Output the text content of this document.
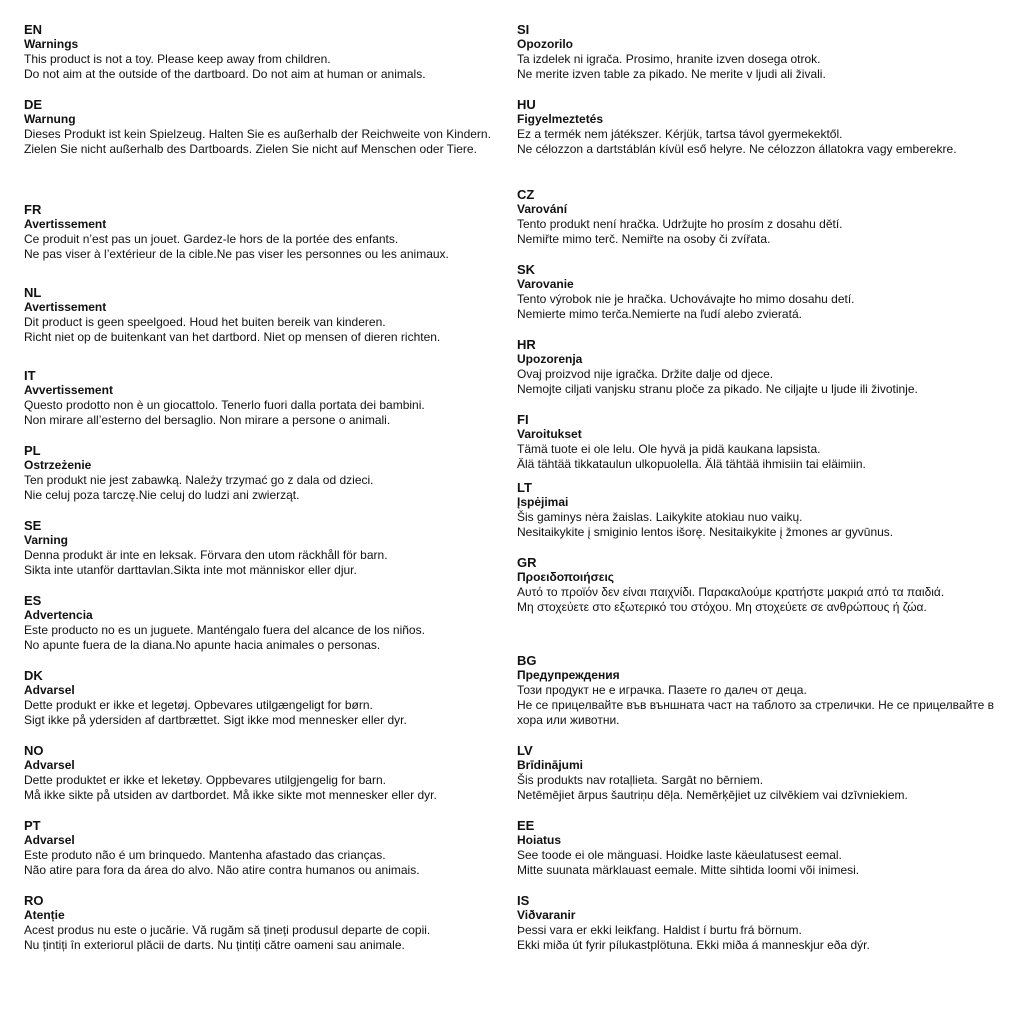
EN
Warnings

This product is not a toy. Please keep away from children.

Do not aim at the outside of the dartboard. Do not aim at human or animals.

DE
Warnung

Dieses Produkt ist kein Spielzeug. Halten Sie es außerhalb der Reichweite von Kindern.

Zielen Sie nicht außerhalb des Dartboards. Zielen Sie nicht auf Menschen oder Tiere.

FR
Avertissement

Ce produit n’est pas un jouet. Gardez-le hors de la portée des enfants.

Ne pas viser à l’extérieur de la cible.Ne pas viser les personnes ou les animaux.

NL
Avertissement

Dit product is geen speelgoed. Houd het buiten bereik van kinderen.

Richt niet op de buitenkant van het dartbord. Niet op mensen of dieren richten.

IT
Avvertissement

Questo prodotto non è un giocattolo. Tenerlo fuori dalla portata dei bambini.

Non mirare all’esterno del bersaglio. Non mirare a persone o animali.

PL
Ostrzeżenie

Ten produkt nie jest zabawką. Należy trzymać go z dala od dzieci.

Nie celuj poza tarczę.Nie celuj do ludzi ani zwierząt.

SE
Varning

Denna produkt är inte en leksak. Förvara den utom räckhåll för barn.

Sikta inte utanför darttavlan.Sikta inte mot människor eller djur.

ES
Advertencia

Este producto no es un juguete. Manténgalo fuera del alcance de los niños.

No apunte fuera de la diana.No apunte hacia animales o personas.

DK
Advarsel

Dette produkt er ikke et legetøj. Opbevares utilgængeligt for børn.

Sigt ikke på ydersiden af dartbrættet. Sigt ikke mod mennesker eller dyr.

NO
Advarsel

Dette produktet er ikke et leketøy. Oppbevares utilgjengelig for barn.

Må ikke sikte på utsiden av dartbordet. Må ikke sikte mot mennesker eller dyr.

PT
Advarsel

Este produto não é um brinquedo. Mantenha afastado das crianças.

Não atire para fora da área do alvo. Não atire contra humanos ou animais.

RO
Atenție

Acest produs nu este o jucărie. Vă rugăm să țineți produsul departe de copii.

Nu țintiți în exteriorul plăcii de darts. Nu țintiți către oameni sau animale.

SI
Opozorilo

Ta izdelek ni igrača. Prosimo, hranite izven dosega otrok.

Ne merite izven table za pikado. Ne merite v ljudi ali živali.

HU
Figyelmeztetés

Ez a termék nem játékszer. Kérjük, tartsa távol gyermekektől.

Ne célozzon a dartstáblán kívül eső helyre. Ne célozzon állatokra vagy emberekre.

CZ
Varování

Tento produkt není hračka. Udržujte ho prosím z dosahu dětí.

Nemiřte mimo terč. Nemiřte na osoby či zvířata.

SK
Varovanie

Tento výrobok nie je hračka. Uchovávajte ho mimo dosahu detí.

Nemierte mimo terča.Nemierte na ľudí alebo zvieratá.

HR
Upozorenja

Ovaj proizvod nije igračka. Držite dalje od djece.

Nemojte ciljati vanjsku stranu ploče za pikado. Ne ciljajte u ljude ili životinje.

FI
Varoitukset

Tämä tuote ei ole lelu. Ole hyvä ja pidä kaukana lapsista.

Älä tähtää tikkataulun ulkopuolella. Älä tähtää ihmisiin tai eläimiin.

LT
Įspėjimai

Šis gaminys nėra žaislas. Laikykite atokiau nuo vaikų.

Nesitaikykite į smiginio lentos išorę. Nesitaikykite į žmones ar gyvūnus.

GR
Προειδοποιήσεις

Αυτό το προϊόν δεν είναι παιχνίδι. Παρακαλούμε κρατήστε μακριά από τα παιδιά.

Μη στοχεύετε στο εξωτερικό του στόχου. Μη στοχεύετε σε ανθρώπους ή ζώα.

BG
Предупреждения

Този продукт не е играчка. Пазете го далеч от деца.

Не се прицелвайте във външната част на таблото за стрелички. Не се прицелвайте в хора или животни.

LV
Brīdinājumi

Šis produkts nav rotaļlieta. Sargāt no bērniem.

Netēmējiet ārpus šautriņu dēļa. Nemērķējiet uz cilvēkiem vai dzīvniekiem.

EE
Hoiatus

See toode ei ole mänguasi. Hoidke laste käeulatusest eemal.

Mitte suunata märklauast eemale. Mitte sihtida loomi või inimesi.

IS
Viðvaranir

Þessi vara er ekki leikfang. Haldist í burtu frá börnum.

Ekki miða út fyrir pílukastplötuna. Ekki miða á manneskjur eða dýr.
